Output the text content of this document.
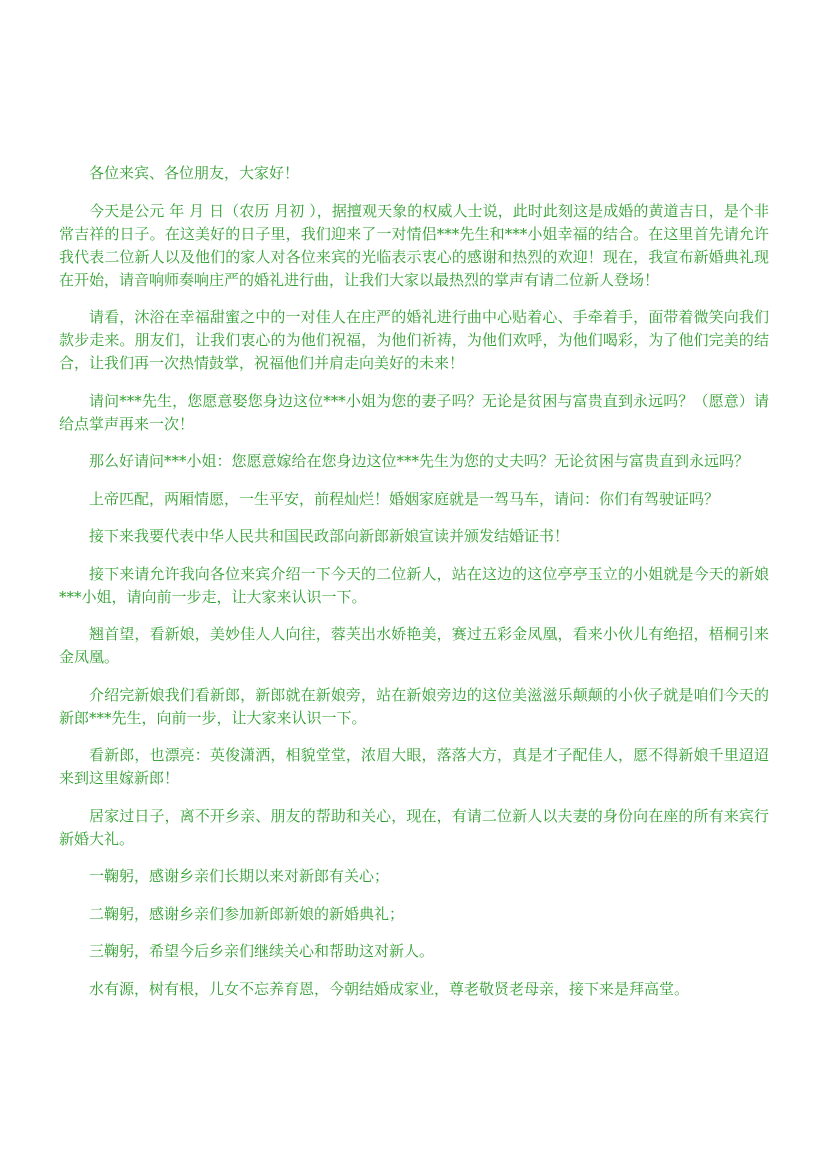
各位来宾、各位朋友，大家好！

今天是公元 年 月 日（农历 月初 ），据擅观天象的权威人士说，此时此刻这是成婚的黄道吉日，是个非常吉祥的日子。在这美好的日子里，我们迎来了一对情侣***先生和***小姐幸福的结合。在这里首先请允许我代表二位新人以及他们的家人对各位来宾的光临表示衷心的感谢和热烈的欢迎！现在，我宣布新婚典礼现在开始，请音响师奏响庄严的婚礼进行曲，让我们大家以最热烈的掌声有请二位新人登场！

请看，沐浴在幸福甜蜜之中的一对佳人在庄严的婚礼进行曲中心贴着心、手牵着手，面带着微笑向我们款步走来。朋友们，让我们衷心的为他们祝福，为他们祈祷，为他们欢呼，为他们喝彩，为了他们完美的结合，让我们再一次热情鼓掌，祝福他们并肩走向美好的未来！

请问***先生，您愿意娶您身边这位***小姐为您的妻子吗？无论是贫困与富贵直到永远吗？（愿意）请给点掌声再来一次！

那么好请问***小姐：您愿意嫁给在您身边这位***先生为您的丈夫吗？无论贫困与富贵直到永远吗？

上帝匹配，两厢情愿，一生平安，前程灿烂！婚姻家庭就是一驾马车，请问：你们有驾驶证吗？

接下来我要代表中华人民共和国民政部向新郎新娘宣读并颁发结婚证书！

接下来请允许我向各位来宾介绍一下今天的二位新人，站在这边的这位亭亭玉立的小姐就是今天的新娘***小姐，请向前一步走，让大家来认识一下。

翘首望，看新娘，美妙佳人人向往，蓉芙出水娇艳美，赛过五彩金凤凰，看来小伙儿有绝招，梧桐引来金凤凰。

介绍完新娘我们看新郎，新郎就在新娘旁，站在新娘旁边的这位美滋滋乐颠颠的小伙子就是咱们今天的新郎***先生，向前一步，让大家来认识一下。

看新郎，也漂亮：英俊潇洒，相貌堂堂，浓眉大眼，落落大方，真是才子配佳人，愿不得新娘千里迢迢来到这里嫁新郎！

居家过日子，离不开乡亲、朋友的帮助和关心，现在，有请二位新人以夫妻的身份向在座的所有来宾行新婚大礼。

一鞠躬，感谢乡亲们长期以来对新郎有关心；

二鞠躬，感谢乡亲们参加新郎新娘的新婚典礼；

三鞠躬，希望今后乡亲们继续关心和帮助这对新人。

水有源，树有根，儿女不忘养育恩，今朝结婚成家业，尊老敬贤老母亲，接下来是拜高堂。
